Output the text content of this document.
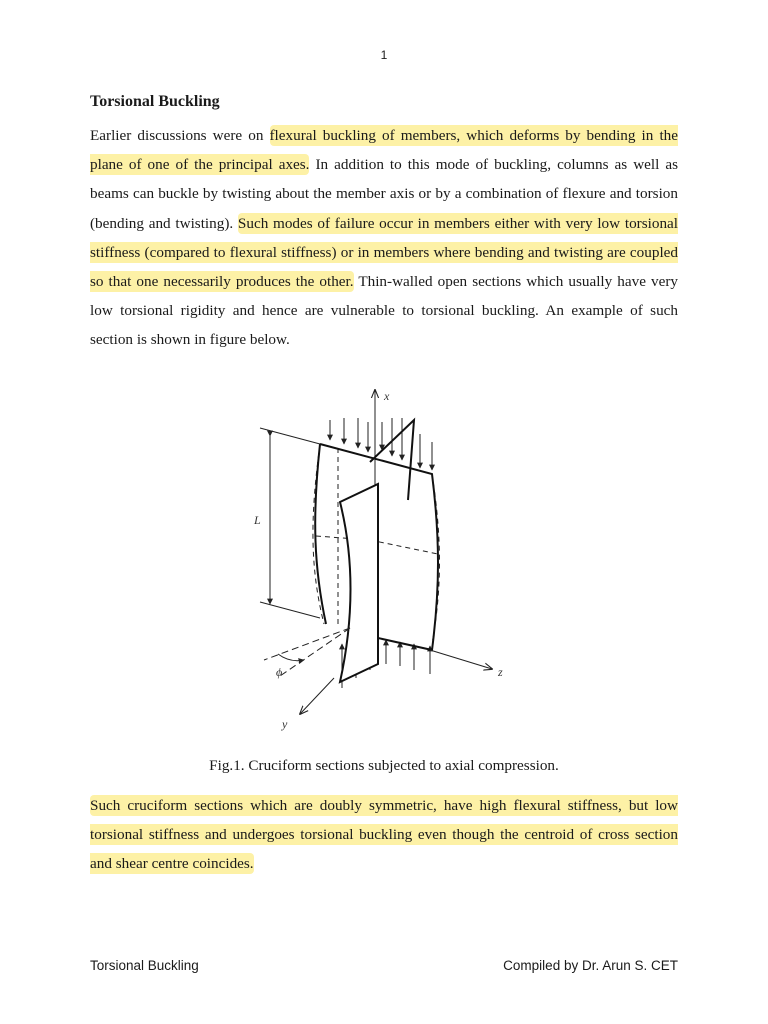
1
Torsional Buckling

Earlier discussions were on flexural buckling of members, which deforms by bending in the plane of one of the principal axes. In addition to this mode of buckling, columns as well as beams can buckle by twisting about the member axis or by a combination of flexure and torsion (bending and twisting). Such modes of failure occur in members either with very low torsional stiffness (compared to flexural stiffness) or in members where bending and twisting are coupled so that one necessarily produces the other. Thin-walled open sections which usually have very low torsional rigidity and hence are vulnerable to torsional buckling. An example of such section is shown in figure below.

x
L
y
z
ϕ
Fig.1. Cruciform sections subjected to axial compression.

Such cruciform sections which are doubly symmetric, have high flexural stiffness, but low torsional stiffness and undergoes torsional buckling even though the centroid of cross section and shear centre coincides.

Torsional Buckling	Compiled by Dr. Arun S. CET
